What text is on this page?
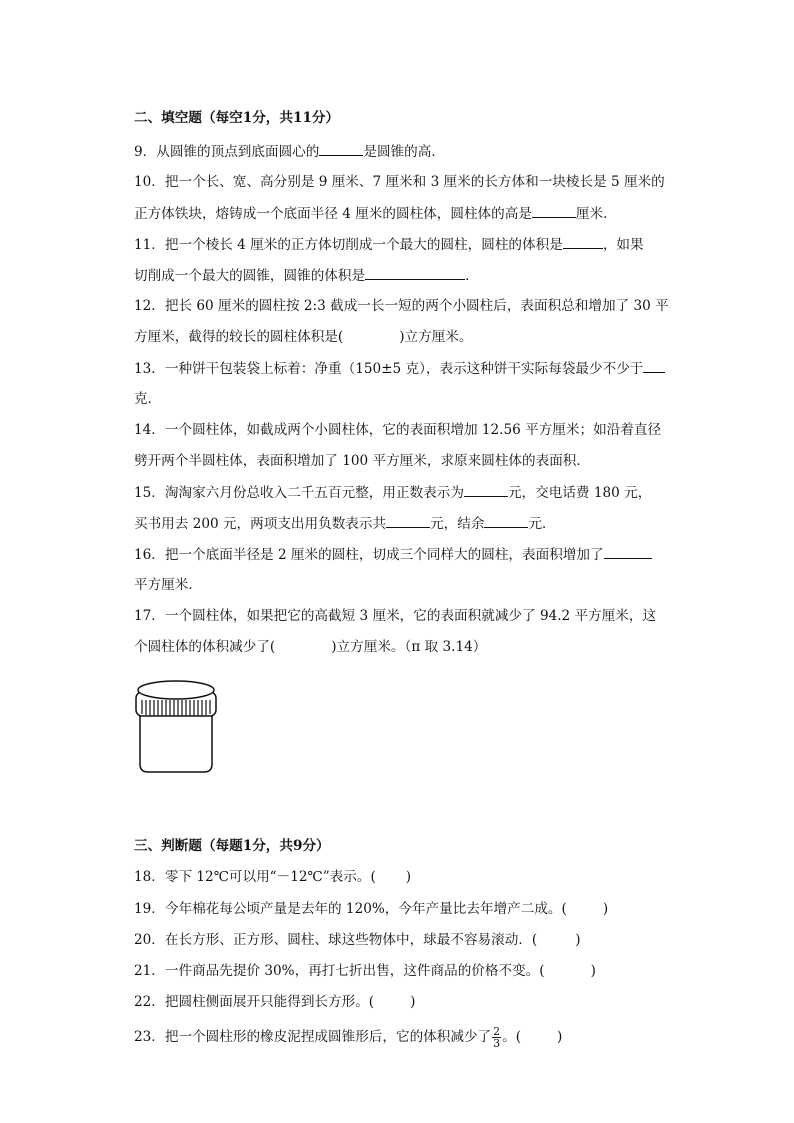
二、填空题（每空1分，共11分）
9．从圆锥的顶点到底面圆心的	是圆锥的高．
10．把一个长、宽、高分别是 9 厘米、7 厘米和 3 厘米的长方体和一块棱长是 5 厘米的
正方体铁块，熔铸成一个底面半径 4 厘米的圆柱体，圆柱体的高是	厘米．
11．把一个棱长 4 厘米的正方体切削成一个最大的圆柱，圆柱的体积是	，如果
切削成一个最大的圆锥，圆锥的体积是	．
12．把长 60 厘米的圆柱按 2:3 截成一长一短的两个小圆柱后，表面积总和增加了 30 平
方厘米，截得的较长的圆柱体积是(	)立方厘米。
13．一种饼干包装袋上标着：净重（150±5 克），表示这种饼干实际每袋最少不少于
克．
14．一个圆柱体，如截成两个小圆柱体，它的表面积增加 12.56 平方厘米；如沿着直径
劈开两个半圆柱体，表面积增加了 100 平方厘米，求原来圆柱体的表面积．
15．淘淘家六月份总收入二千五百元整，用正数表示为	元，交电话费 180 元，
买书用去 200 元，两项支出用负数表示共	元，结余	元．
16．把一个底面半径是 2 厘米的圆柱，切成三个同样大的圆柱，表面积增加了
平方厘米．
17．一个圆柱体，如果把它的高截短 3 厘米，它的表面积就减少了 94.2 平方厘米，这
个圆柱体的体积减少了(	)立方厘米。（π 取 3.14）
三、判断题（每题1分，共9分）
18．零下 12℃可以用“－12℃”表示。( )
19．今年棉花每公顷产量是去年的 120%，今年产量比去年增产二成。(	)
20．在长方形、正方形、圆柱、球这些物体中，球最不容易滚动．(	)
21．一件商品先提价 30%，再打七折出售，这件商品的价格不变。(	)
22．把圆柱侧面展开只能得到长方形。(	)
23．把一个圆柱形的橡皮泥捏成圆锥形后，它的体积减少了 $\frac{2}{3}$ 。(	)
